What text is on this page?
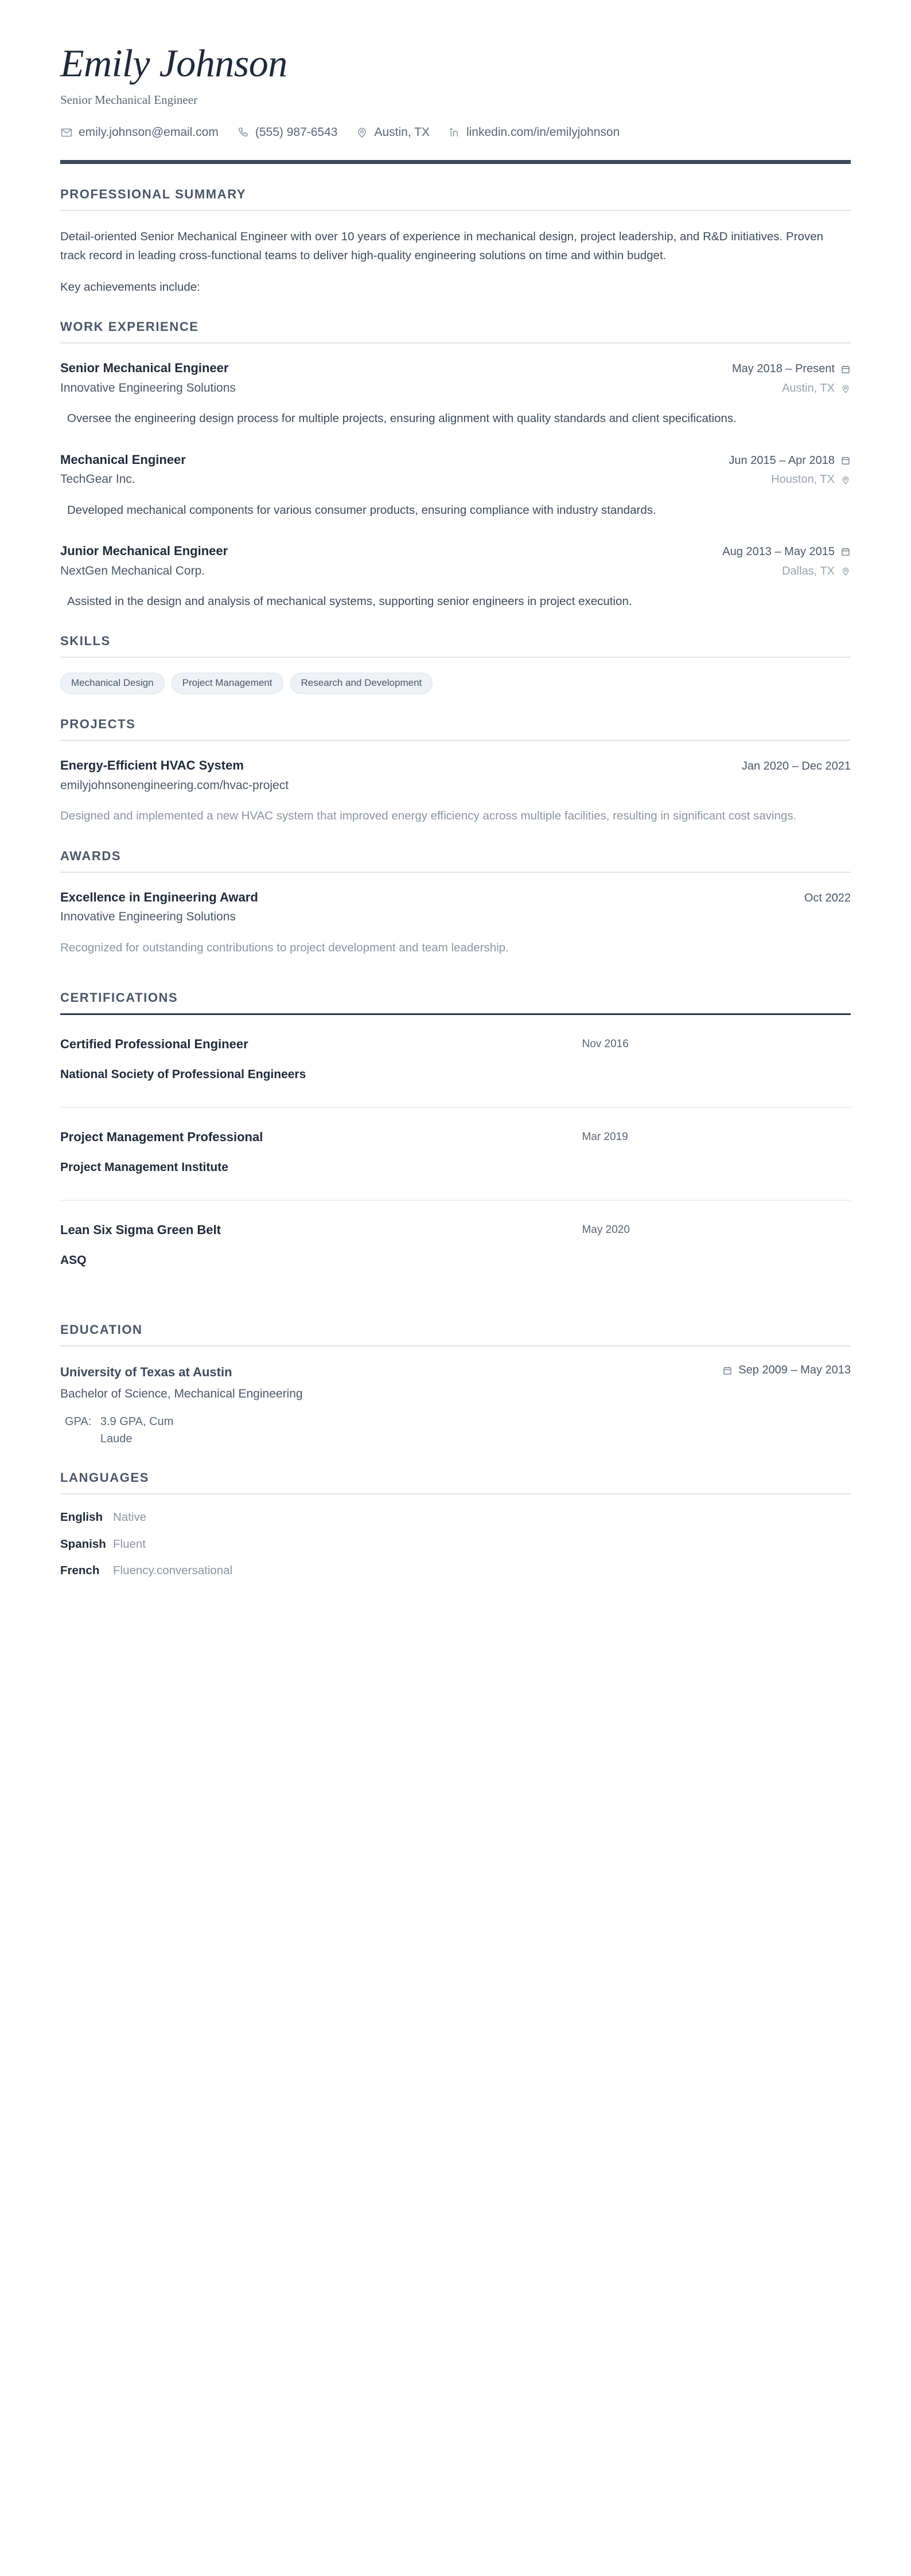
Emily Johnson
Senior Mechanical Engineer
emily.johnson@email.com	(555) 987-6543	Austin, TX	linkedin.com/in/emilyjohnson
PROFESSIONAL SUMMARY

Detail-oriented Senior Mechanical Engineer with over 10 years of experience in mechanical design, project leadership, and R&D initiatives. Proven track record in leading cross-functional teams to deliver high-quality engineering solutions on time and within budget.

Key achievements include:

WORK EXPERIENCE
Senior Mechanical Engineer	May 2018 – Present
Innovative Engineering Solutions	Austin, TX
Oversee the engineering design process for multiple projects, ensuring alignment with quality standards and client specifications.
Mechanical Engineer	Jun 2015 – Apr 2018
TechGear Inc.	Houston, TX
Developed mechanical components for various consumer products, ensuring compliance with industry standards.
Junior Mechanical Engineer	Aug 2013 – May 2015
NextGen Mechanical Corp.	Dallas, TX
Assisted in the design and analysis of mechanical systems, supporting senior engineers in project execution.
SKILLS
Mechanical Design	Project Management	Research and Development
PROJECTS
Energy-Efficient HVAC System	Jan 2020 – Dec 2021
emilyjohnsonengineering.com/hvac-project
Designed and implemented a new HVAC system that improved energy efficiency across multiple facilities, resulting in significant cost savings.
AWARDS
Excellence in Engineering Award	Oct 2022
Innovative Engineering Solutions
Recognized for outstanding contributions to project development and team leadership.
CERTIFICATIONS
Certified Professional Engineer
National Society of Professional Engineers
Nov 2016
Project Management Professional
Project Management Institute
Mar 2019
Lean Six Sigma Green Belt
ASQ
May 2020
EDUCATION
University of Texas at Austin
Bachelor of Science, Mechanical Engineering
Sep 2009 – May 2013
GPA: 3.9 GPA, Cum Laude
LANGUAGES
English Native
Spanish Fluent
French	Fluency.conversational
